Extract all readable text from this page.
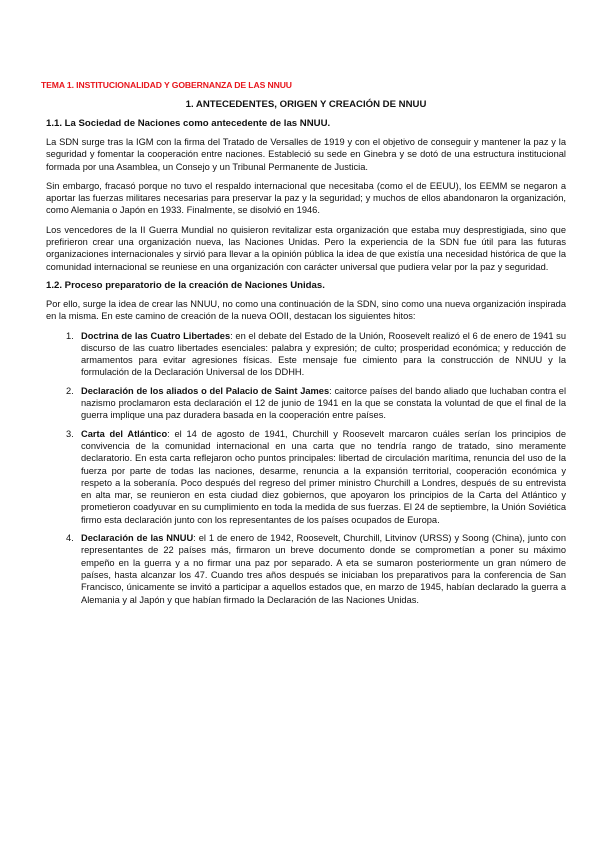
TEMA 1. INSTITUCIONALIDAD Y GOBERNANZA DE LAS NNUU
1. ANTECEDENTES, ORIGEN Y CREACIÓN DE NNUU
1.1. La Sociedad de Naciones como antecedente de las NNUU.

La SDN surge tras la IGM con la firma del Tratado de Versalles de 1919 y con el objetivo de conseguir y mantener la paz y la seguridad y fomentar la cooperación entre naciones. Estableció su sede en Ginebra y se dotó de una estructura institucional formada por una Asamblea, un Consejo y un Tribunal Permanente de Justicia.

Sin embargo, fracasó porque no tuvo el respaldo internacional que necesitaba (como el de EEUU), los EEMM se negaron a aportar las fuerzas militares necesarias para preservar la paz y la seguridad; y muchos de ellos abandonaron la organización, como Alemania o Japón en 1933. Finalmente, se disolvió en 1946.

Los vencedores de la II Guerra Mundial no quisieron revitalizar esta organización que estaba muy desprestigiada, sino que prefirieron crear una organización nueva, las Naciones Unidas. Pero la experiencia de la SDN fue útil para las futuras organizaciones internacionales y sirvió para llevar a la opinión pública la idea de que existía una necesidad histórica de que la comunidad internacional se reuniese en una organización con carácter universal que pudiera velar por la paz y seguridad.

1.2. Proceso preparatorio de la creación de Naciones Unidas.

Por ello, surge la idea de crear las NNUU, no como una continuación de la SDN, sino como una nueva organización inspirada en la misma. En este camino de creación de la nueva OOII, destacan los siguientes hitos:

1. Doctrina de las Cuatro Libertades: en el debate del Estado de la Unión, Roosevelt realizó el 6 de enero de 1941 su discurso de las cuatro libertades esenciales: palabra y expresión; de culto; prosperidad económica; y reducción de armamentos para evitar agresiones físicas. Este mensaje fue cimiento para la construcción de NNUU y la formulación de la Declaración Universal de los DDHH.
2. Declaración de los aliados o del Palacio de Saint James: caitorce países del bando aliado que luchaban contra el nazismo proclamaron esta declaración el 12 de junio de 1941 en la que se constata la voluntad de que el final de la guerra implique una paz duradera basada en la cooperación entre países.
3. Carta del Atlántico: el 14 de agosto de 1941, Churchill y Roosevelt marcaron cuáles serían los principios de convivencia de la comunidad internacional en una carta que no tendría rango de tratado, sino meramente declaratorio. En esta carta reflejaron ocho puntos principales: libertad de circulación marítima, renuncia del uso de la fuerza por parte de todas las naciones, desarme, renuncia a la expansión territorial, cooperación económica y respeto a la soberanía. Poco después del regreso del primer ministro Churchill a Londres, después de su entrevista en alta mar, se reunieron en esta ciudad diez gobiernos, que apoyaron los principios de la Carta del Atlántico y prometieron coadyuvar en su cumplimiento en toda la medida de sus fuerzas. El 24 de septiembre, la Unión Soviética firmo esta declaración junto con los representantes de los países ocupados de Europa.
4. Declaración de las NNUU: el 1 de enero de 1942, Roosevelt, Churchill, Litvinov (URSS) y Soong (China), junto con representantes de 22 países más, firmaron un breve documento donde se comprometían a poner su máximo empeño en la guerra y a no firmar una paz por separado. A eta se sumaron posteriormente un gran número de países, hasta alcanzar los 47. Cuando tres años después se iniciaban los preparativos para la conferencia de San Francisco, únicamente se invitó a participar a aquellos estados que, en marzo de 1945, habían declarado la guerra a Alemania y al Japón y que habían firmado la Declaración de las Naciones Unidas.
